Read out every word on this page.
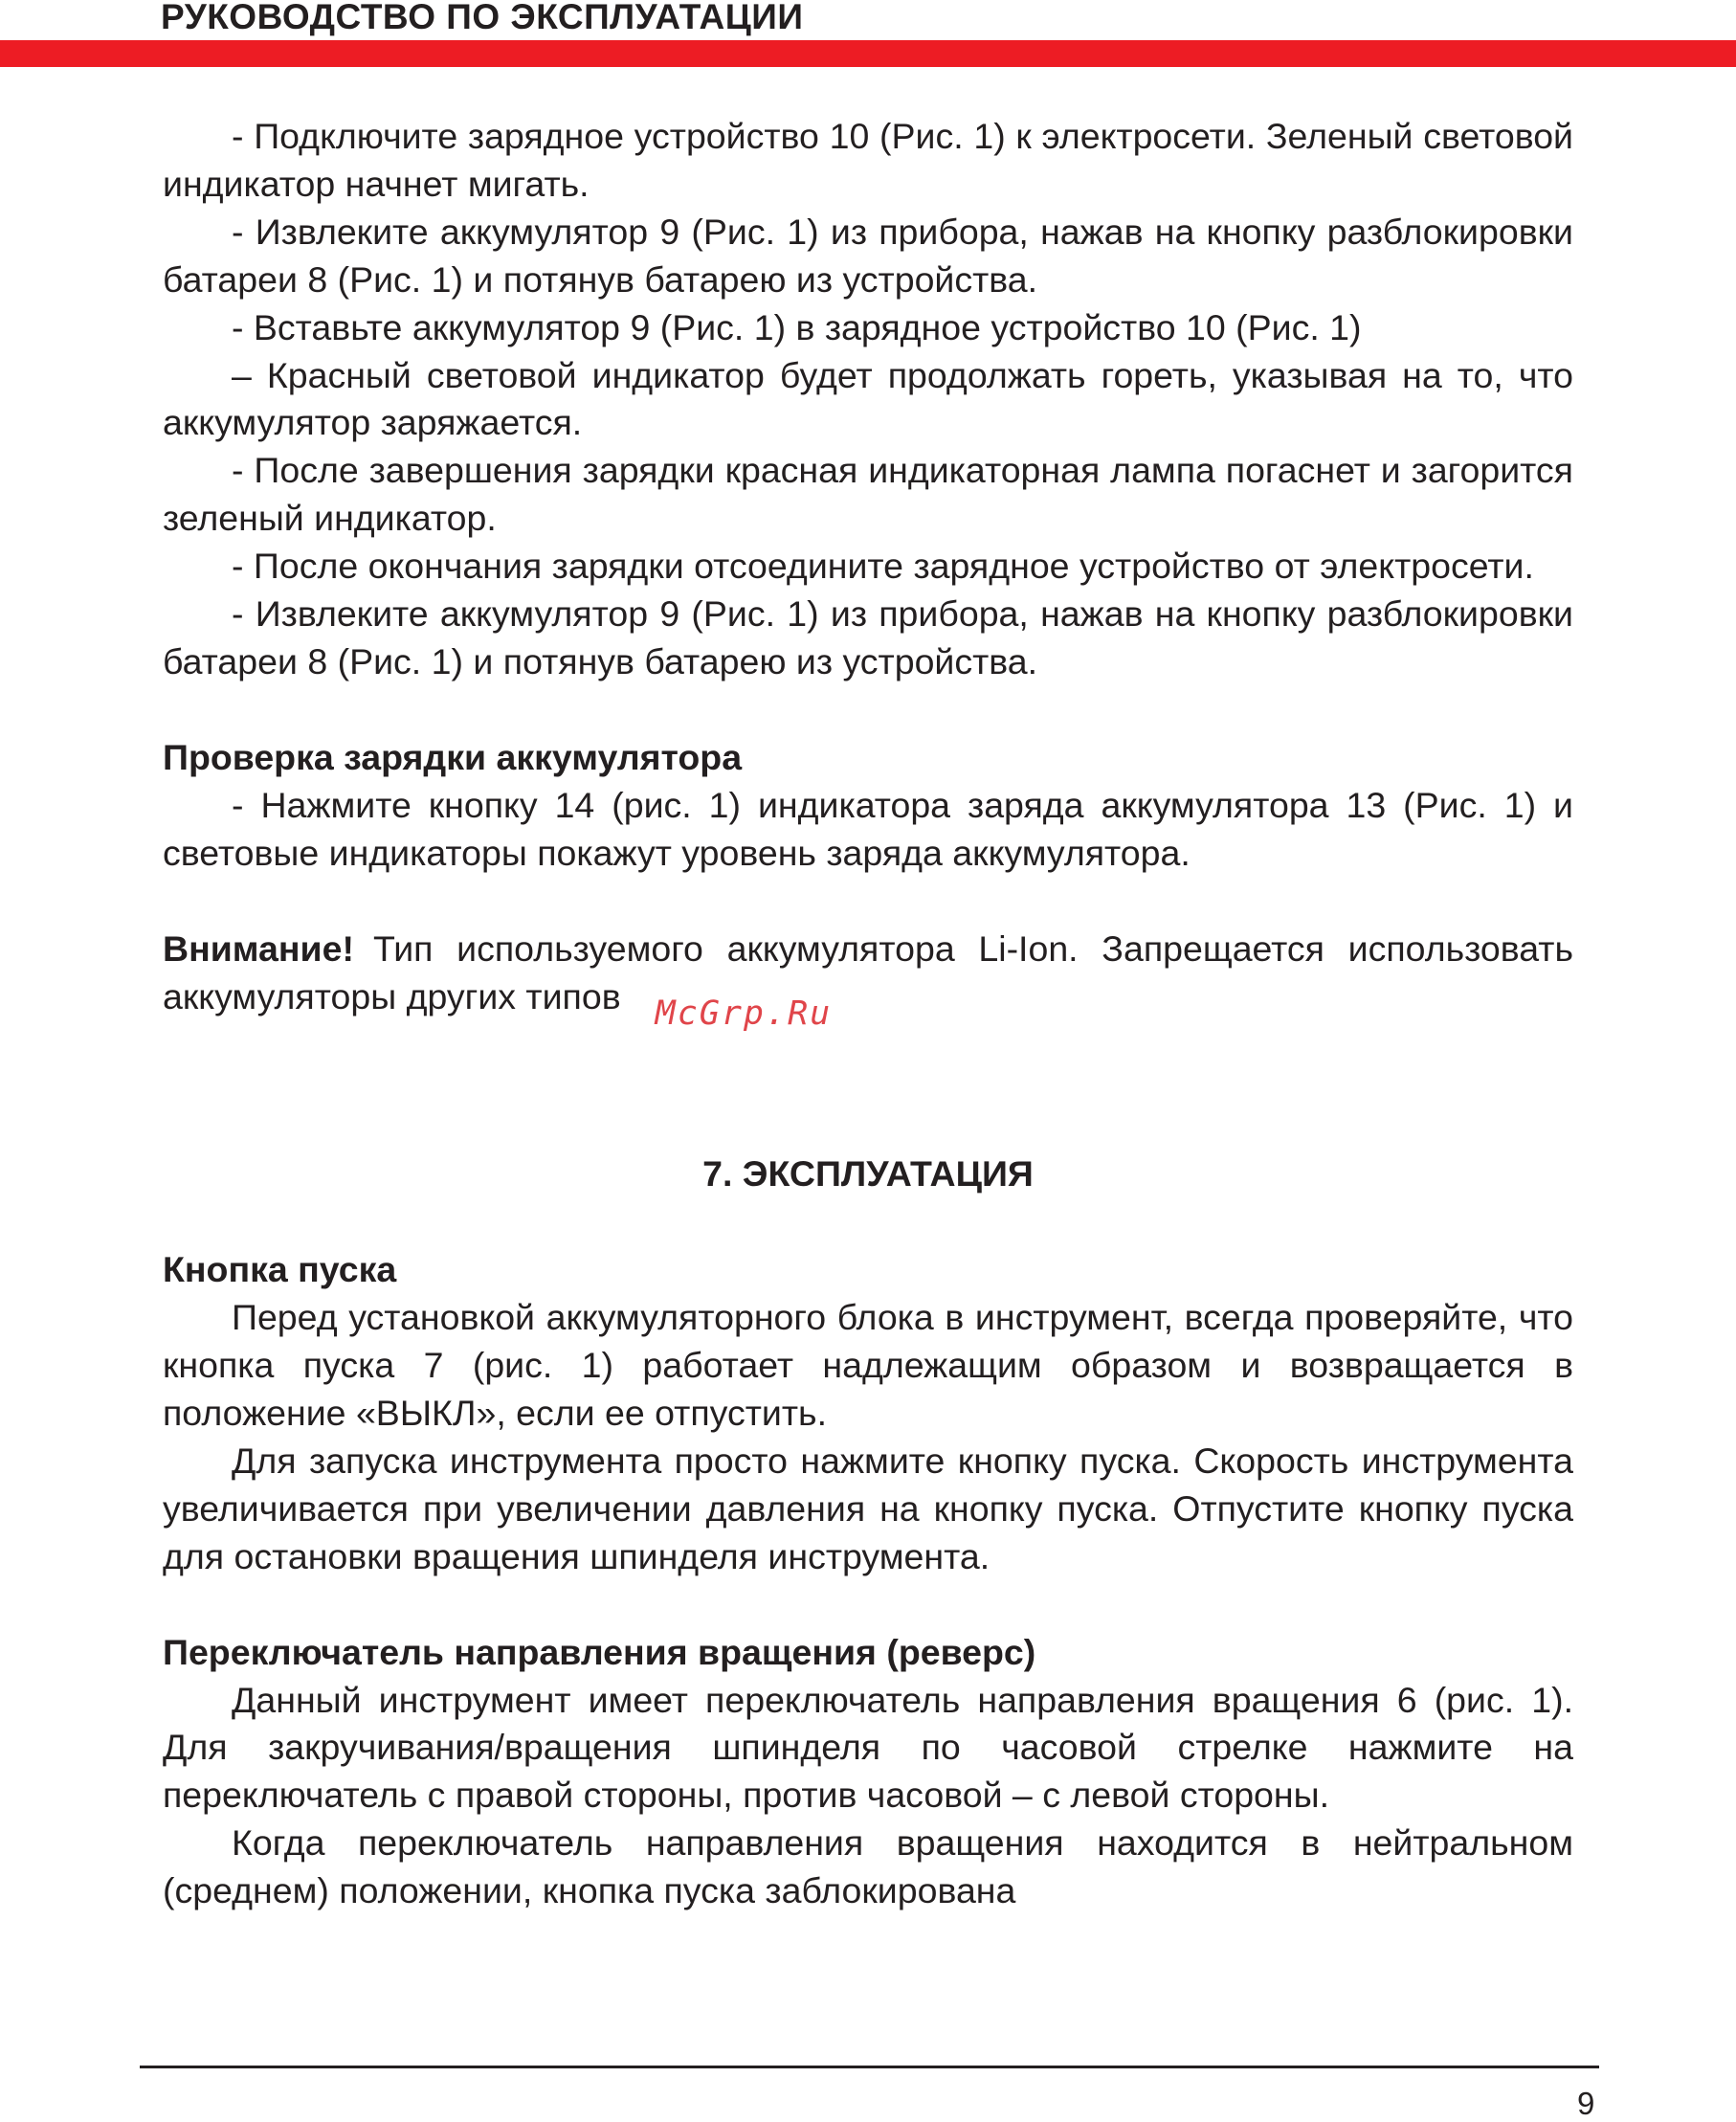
РУКОВОДСТВО ПО ЭКСПЛУАТАЦИИ

- Подключите зарядное устройство 10 (Рис. 1) к электросети. Зеленый световой индикатор начнет мигать.

- Извлеките аккумулятор 9 (Рис. 1) из прибора, нажав на кнопку разблокировки батареи 8 (Рис. 1) и потянув батарею из устройства.

- Вставьте аккумулятор 9 (Рис. 1) в зарядное устройство 10 (Рис. 1)

– Красный световой индикатор будет продолжать гореть, указывая на то, что аккумулятор заряжается.

- После завершения зарядки красная индикаторная лампа погаснет и загорится зеленый индикатор.

- После окончания зарядки отсоедините зарядное устройство от электросети.

- Извлеките аккумулятор 9 (Рис. 1) из прибора, нажав на кнопку разблокировки батареи 8 (Рис. 1) и потянув батарею из устройства.

Проверка зарядки аккумулятора

- Нажмите кнопку 14 (рис. 1) индикатора заряда аккумулятора 13 (Рис. 1) и световые индикаторы покажут уровень заряда аккумулятора.

Внимание! Тип используемого аккумулятора Li-Ion. Запрещается использовать аккумуляторы других типов McGrp.Ru

7. ЭКСПЛУАТАЦИЯ
Кнопка пуска

Перед установкой аккумуляторного блока в инструмент, всегда проверяйте, что кнопка пуска 7 (рис. 1) работает надлежащим образом и возвращается в положение «ВЫКЛ», если ее отпустить.

Для запуска инструмента просто нажмите кнопку пуска. Скорость инструмента увеличивается при увеличении давления на кнопку пуска. Отпустите кнопку пуска для остановки вращения шпинделя инструмента.

Переключатель направления вращения (реверс)

Данный инструмент имеет переключатель направления вращения 6 (рис. 1). Для закручивания/вращения шпинделя по часовой стрелке нажмите на переключатель с правой стороны, против часовой – с левой стороны.

Когда переключатель направления вращения находится в нейтральном (среднем) положении, кнопка пуска заблокирована

9
